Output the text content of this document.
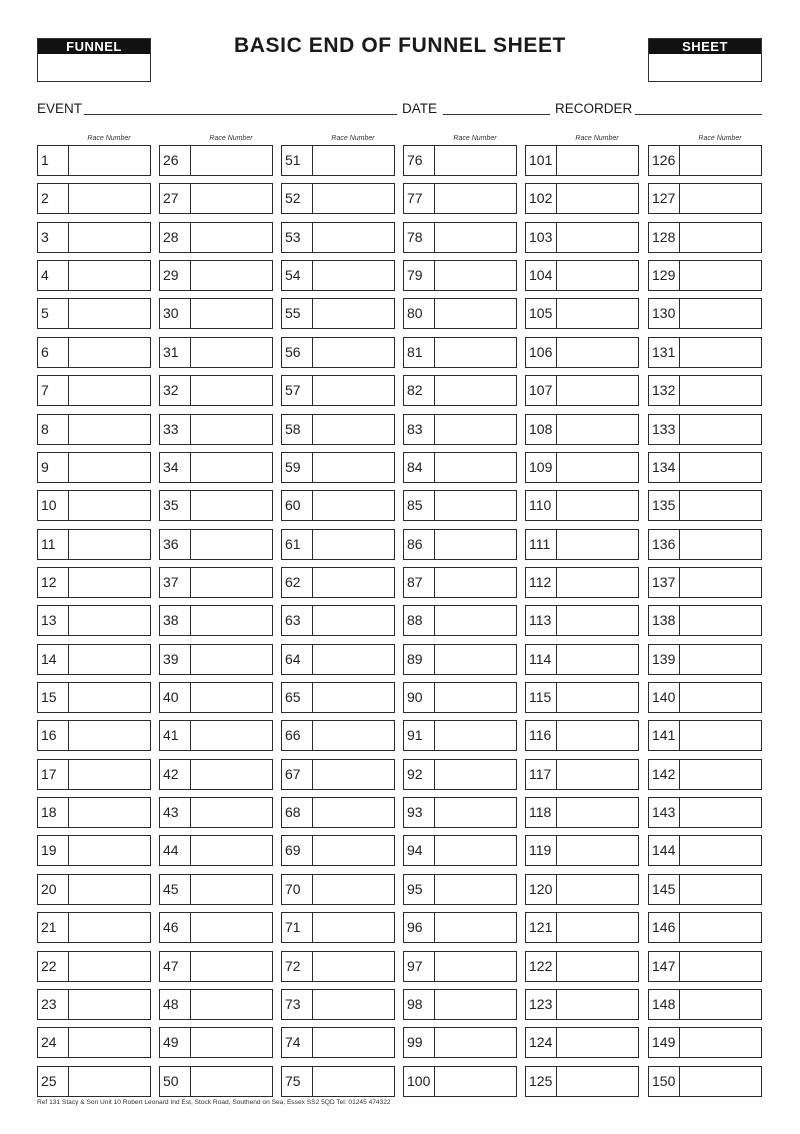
FUNNEL	BASIC END OF FUNNEL SHEET	SHEET
EVENT	DATE	RECORDER
Race Number
1
2
3
4
5
6
7
8
9
10
11
12
13
14
15
16
17
18
19
20
21
22
23
24
25
Race Number
26
27
28
29
30
31
32
33
34
35
36
37
38
39
40
41
42
43
44
45
46
47
48
49
50
Race Number
51
52
53
54
55
56
57
58
59
60
61
62
63
64
65
66
67
68
69
70
71
72
73
74
75
Race Number
76
77
78
79
80
81
82
83
84
85
86
87
88
89
90
91
92
93
94
95
96
97
98
99
100
Race Number
101
102
103
104
105
106
107
108
109
110
111
112
113
114
115
116
117
118
119
120
121
122
123
124
125
Race Number
126
127
128
129
130
131
132
133
134
135
136
137
138
139
140
141
142
143
144
145
146
147
148
149
150
Ref 131 Stacy & Son Unit 10 Robert Leonard Ind Est, Stock Road, Southend on Sea, Essex SS2 5QD Tel: 01245 474322
